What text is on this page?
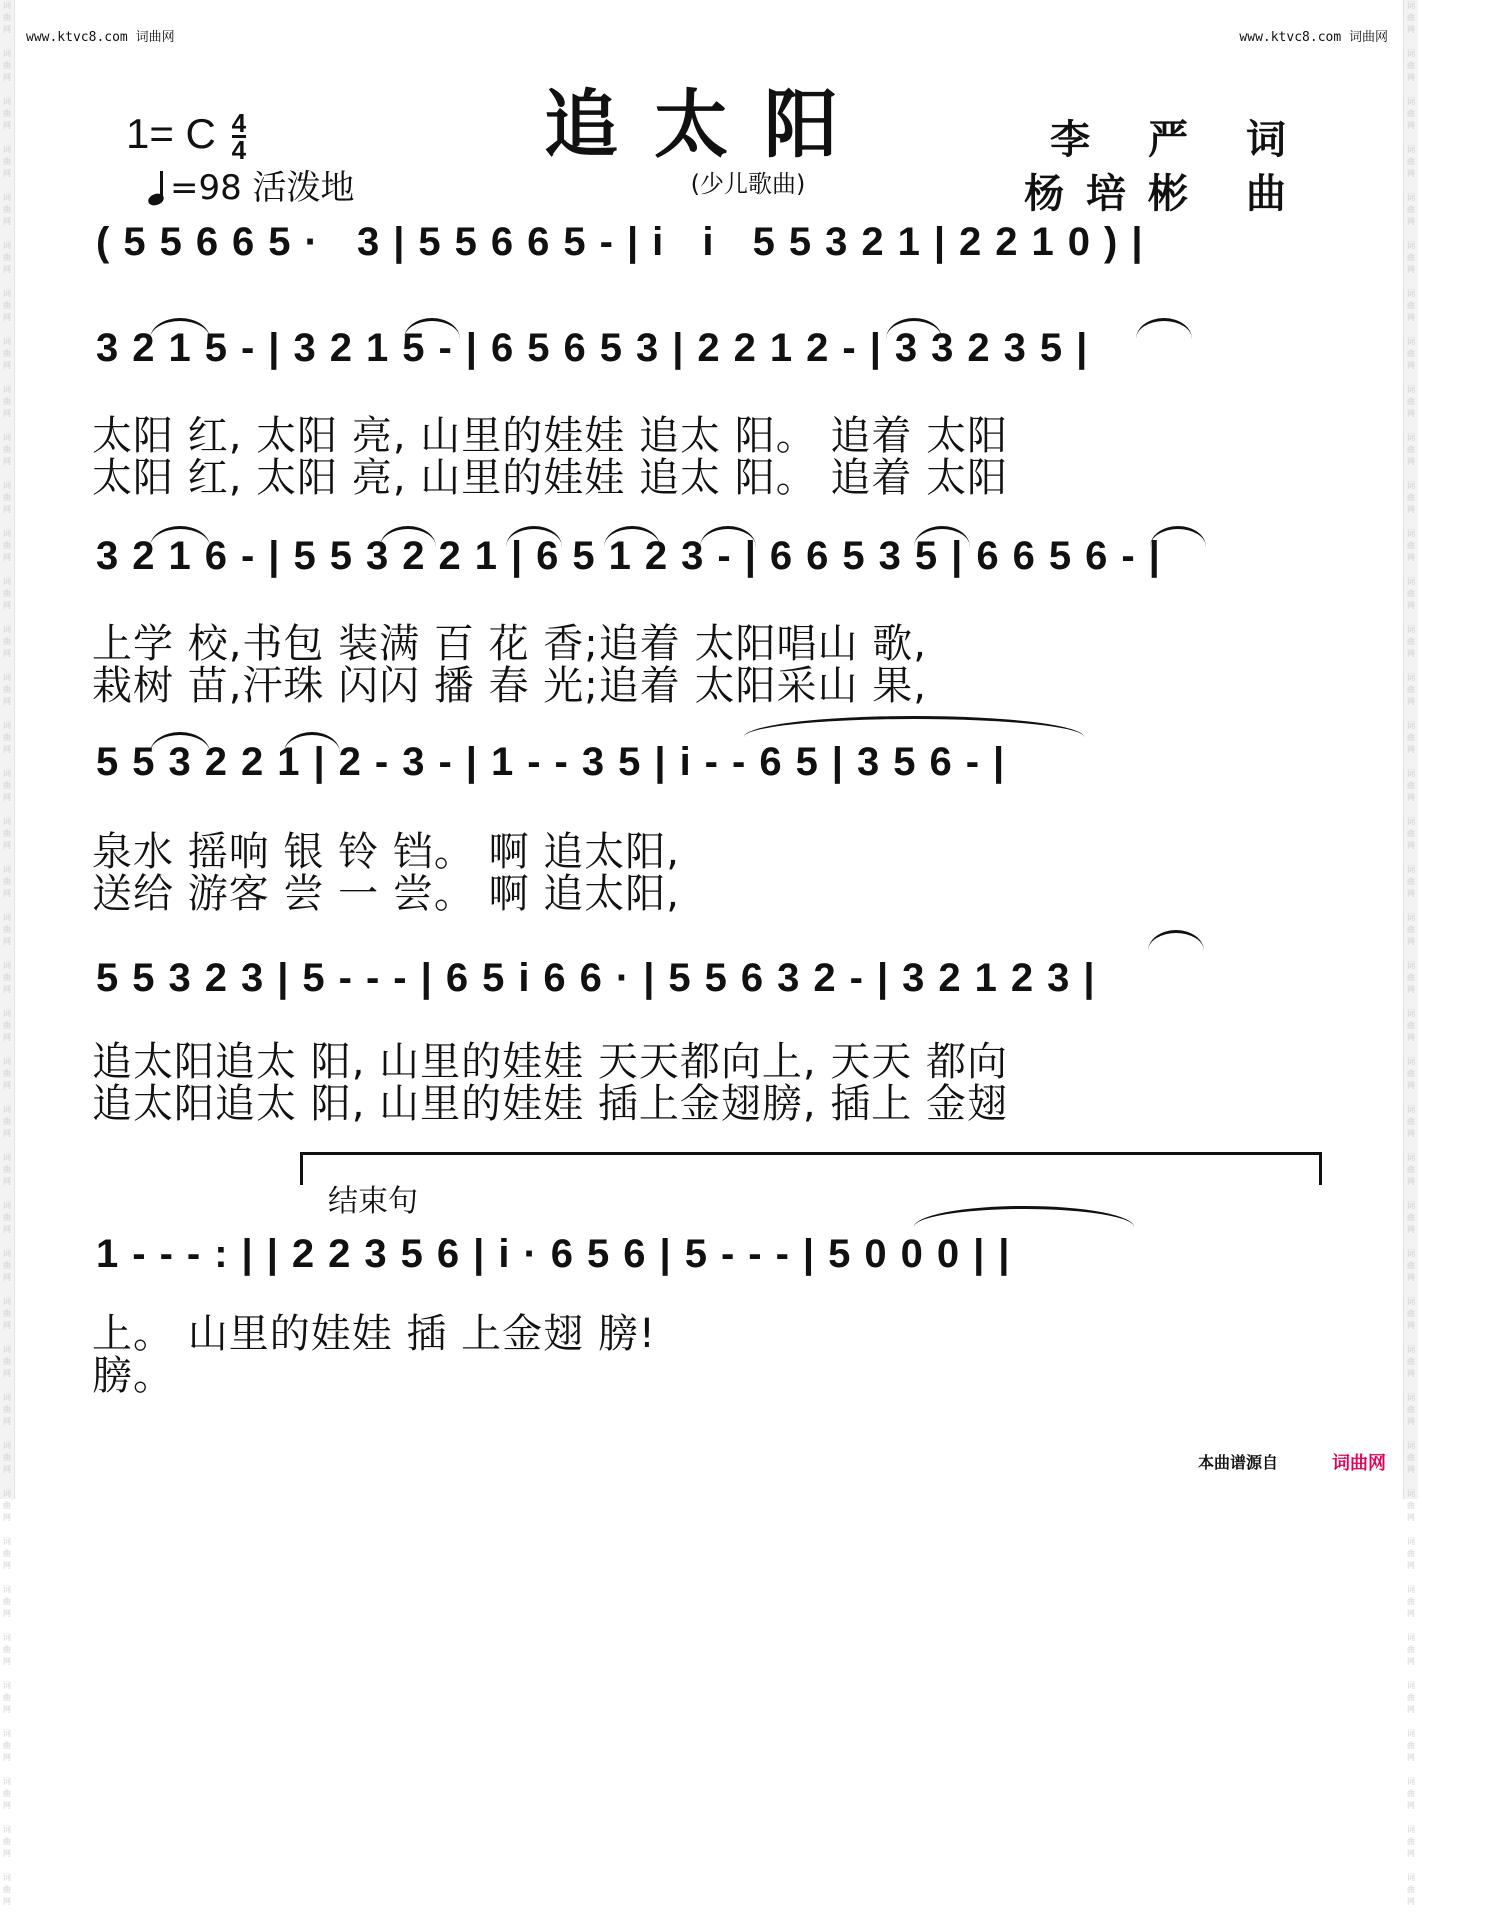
词
曲
网

词
曲
网

词
曲
网

词
曲
网

词
曲
网

词
曲
网

词
曲
网

词
曲
网

词
曲
网

词
曲
网

词
曲
网

词
曲
网

词
曲
网

词
曲
网

词
曲
网

词
曲
网

词
曲
网

词
曲
网

词
曲
网

词
曲
网

词
曲
网

词
曲
网

词
曲
网

词
曲
网

词
曲
网

词
曲
网

词
曲
网

词
曲
网

词
曲
网

词
曲
网

词
曲
网

词
曲
网

词
曲
网

词
曲
网

词
曲
网

词
曲
网

词
曲
网

词
曲
网

词
曲
网

词
曲
网

词
曲
网

词
曲
网

词
曲
网

词
曲
网

词
曲
网

词
曲
网

词
曲
网

词
曲
网

词
曲
网

词
曲
网

词
曲
网

词
曲
网

词
曲
网

词
曲
网

词
曲
网

词
曲
网

词
曲
网

词
曲
网

词
曲
网

词
曲
网

词
曲
网

词
曲
网

词
曲
网

词
曲
网

词
曲
网

词
曲
网

词
曲
网

词
曲
网

词
曲
网

词
曲
网

词
曲
网

词
曲
网

词
曲
网

词
曲
网

词
曲
网

词
曲
网

词
曲
网

词
曲
网

词
曲
网

词
曲
网

www.ktvc8.com 词曲网	www.ktvc8.com 词曲网
追太阳
(少儿歌曲)
1= C $\frac{4}{4}$
=98 活泼地
李 严 词
杨培彬 曲
(55665· 3|55665-|i i 55321|2210)|
3215-|3215-|65653|2212-|33235|
3216-|553221|65123-|66535|6656-|
553221|2-3-|1--35|i--65|356-|
55323|5---|65i66·|55632-|32123|
1---:||22356|i·656|5---|5000||
结束句
太阳 红, 太阳 亮, 山里的娃娃 追太 阳。 追着 太阳
太阳 红, 太阳 亮, 山里的娃娃 追太 阳。 追着 太阳
上学 校,书包 装满 百 花 香;追着 太阳唱山 歌,
栽树 苗,汗珠 闪闪 播 春 光;追着 太阳采山 果,
泉水 摇响 银 铃 铛。 啊 追太阳,
送给 游客 尝 一 尝。 啊 追太阳,
追太阳追太 阳, 山里的娃娃 天天都向上, 天天 都向
追太阳追太 阳, 山里的娃娃 插上金翅膀, 插上 金翅
上。 山里的娃娃 插 上金翅 膀!
膀。
本曲谱源自	词曲网
